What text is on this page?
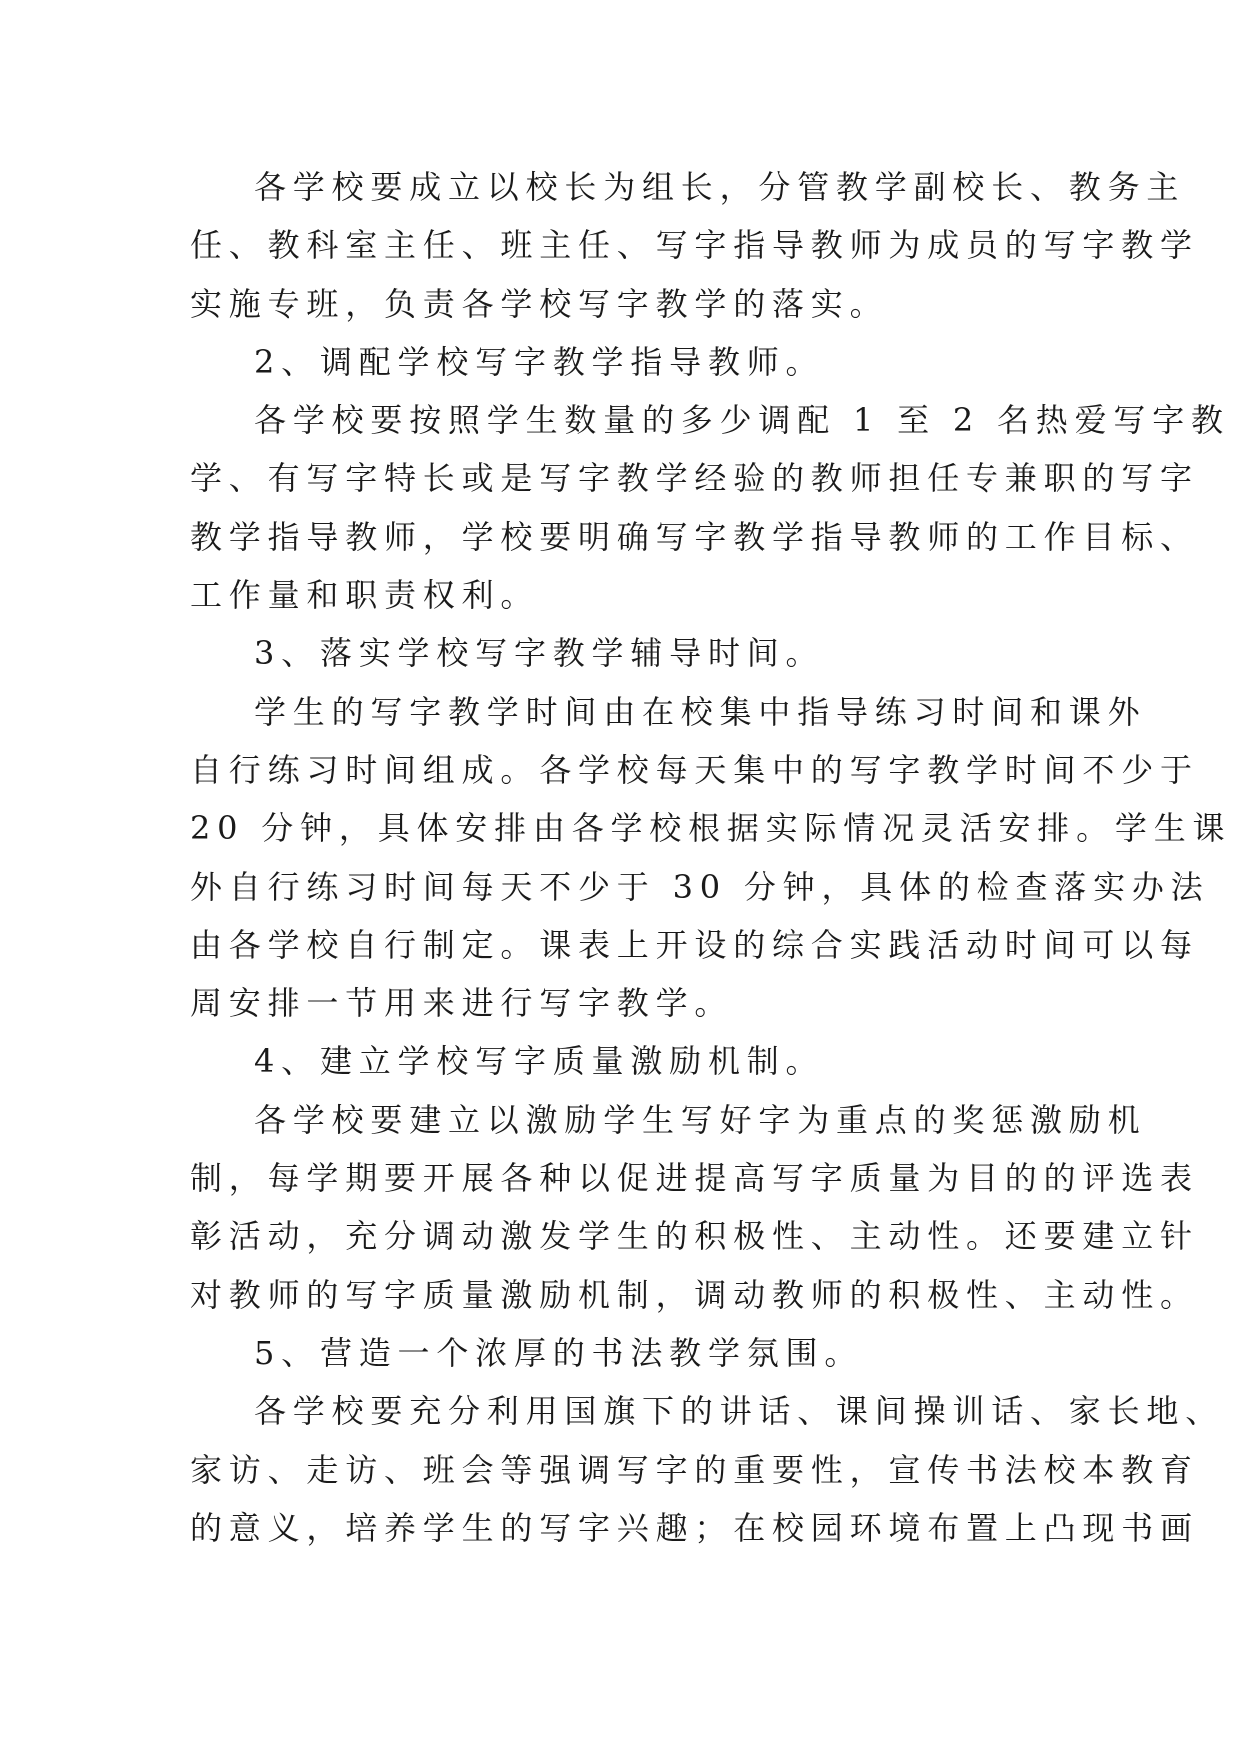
各学校要成立以校长为组长，分管教学副校长、教务主
任、教科室主任、班主任、写字指导教师为成员的写字教学
实施专班，负责各学校写字教学的落实。
2、调配学校写字教学指导教师。
各学校要按照学生数量的多少调配 1 至 2 名热爱写字教
学、有写字特长或是写字教学经验的教师担任专兼职的写字
教学指导教师，学校要明确写字教学指导教师的工作目标、
工作量和职责权利。
3、落实学校写字教学辅导时间。
学生的写字教学时间由在校集中指导练习时间和课外
自行练习时间组成。各学校每天集中的写字教学时间不少于
20 分钟，具体安排由各学校根据实际情况灵活安排。学生课
外自行练习时间每天不少于 30 分钟，具体的检查落实办法
由各学校自行制定。课表上开设的综合实践活动时间可以每
周安排一节用来进行写字教学。
4、建立学校写字质量激励机制。
各学校要建立以激励学生写好字为重点的奖惩激励机
制，每学期要开展各种以促进提高写字质量为目的的评选表
彰活动，充分调动激发学生的积极性、主动性。还要建立针
对教师的写字质量激励机制，调动教师的积极性、主动性。
5、营造一个浓厚的书法教学氛围。
各学校要充分利用国旗下的讲话、课间操训话、家长地、
家访、走访、班会等强调写字的重要性，宣传书法校本教育
的意义，培养学生的写字兴趣；在校园环境布置上凸现书画
